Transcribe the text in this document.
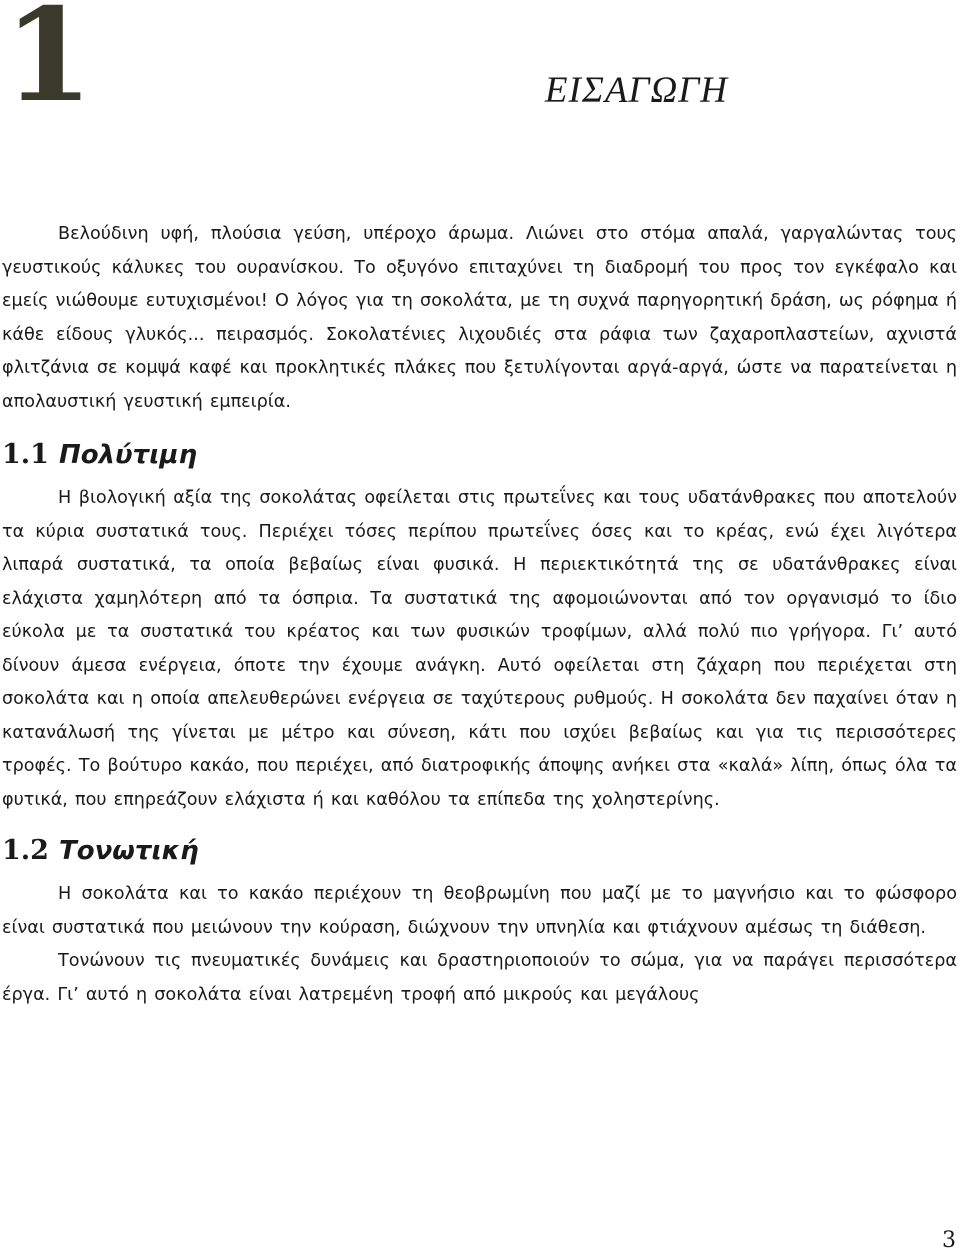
1	ΕΙΣΑΓΩΓΗ

Βελούδινη υφή, πλούσια γεύση, υπέροχο άρωμα. Λιώνει στο στόμα απαλά, γαργαλώντας τους γευστικούς κάλυκες του ουρανίσκου. Το οξυγόνο επιταχύνει τη διαδρομή του προς τον εγκέφαλο και εμείς νιώθουμε ευτυχισμένοι! Ο λόγος για τη σοκολάτα, με τη συχνά παρηγορητική δράση, ως ρόφημα ή κάθε είδους γλυκός... πειρασμός. Σοκολατένιες λιχουδιές στα ράφια των ζαχαροπλαστείων, αχνιστά φλιτζάνια σε κομψά καφέ και προκλητικές πλάκες που ξετυλίγονται αργά-αργά, ώστε να παρατείνεται η απολαυστική γευστική εμπειρία.

1.1 Πολύτιμη

Η βιολογική αξία της σοκολάτας οφείλεται στις πρωτεΐνες και τους υδατάνθρακες που αποτελούν τα κύρια συστατικά τους. Περιέχει τόσες περίπου πρωτεΐνες όσες και το κρέας, ενώ έχει λιγότερα λιπαρά συστατικά, τα οποία βεβαίως είναι φυσικά. Η περιεκτικότητά της σε υδατάνθρακες είναι ελάχιστα χαμηλότερη από τα όσπρια. Τα συστατικά της αφομοιώνονται από τον οργανισμό το ίδιο εύκολα με τα συστατικά του κρέατος και των φυσικών τροφίμων, αλλά πολύ πιο γρήγορα. Γι’ αυτό δίνουν άμεσα ενέργεια, όποτε την έχουμε ανάγκη. Αυτό οφείλεται στη ζάχαρη που περιέχεται στη σοκολάτα και η οποία απελευθερώνει ενέργεια σε ταχύτερους ρυθμούς. Η σοκολάτα δεν παχαίνει όταν η κατανάλωσή της γίνεται με μέτρο και σύνεση, κάτι που ισχύει βεβαίως και για τις περισσότερες τροφές. Το βούτυρο κακάο, που περιέχει, από διατροφικής άποψης ανήκει στα «καλά» λίπη, όπως όλα τα φυτικά, που επηρεάζουν ελάχιστα ή και καθόλου τα επίπεδα της χοληστερίνης.

1.2 Τονωτική

Η σοκολάτα και το κακάο περιέχουν τη θεοβρωμίνη που μαζί με το μαγνήσιο και το φώσφορο είναι συστατικά που μειώνουν την κούραση, διώχνουν την υπνηλία και φτιάχνουν αμέσως τη διάθεση.

Τονώνουν τις πνευματικές δυνάμεις και δραστηριοποιούν το σώμα, για να παράγει περισσότερα έργα. Γι’ αυτό η σοκολάτα είναι λατρεμένη τροφή από μικρούς και μεγάλους

3
